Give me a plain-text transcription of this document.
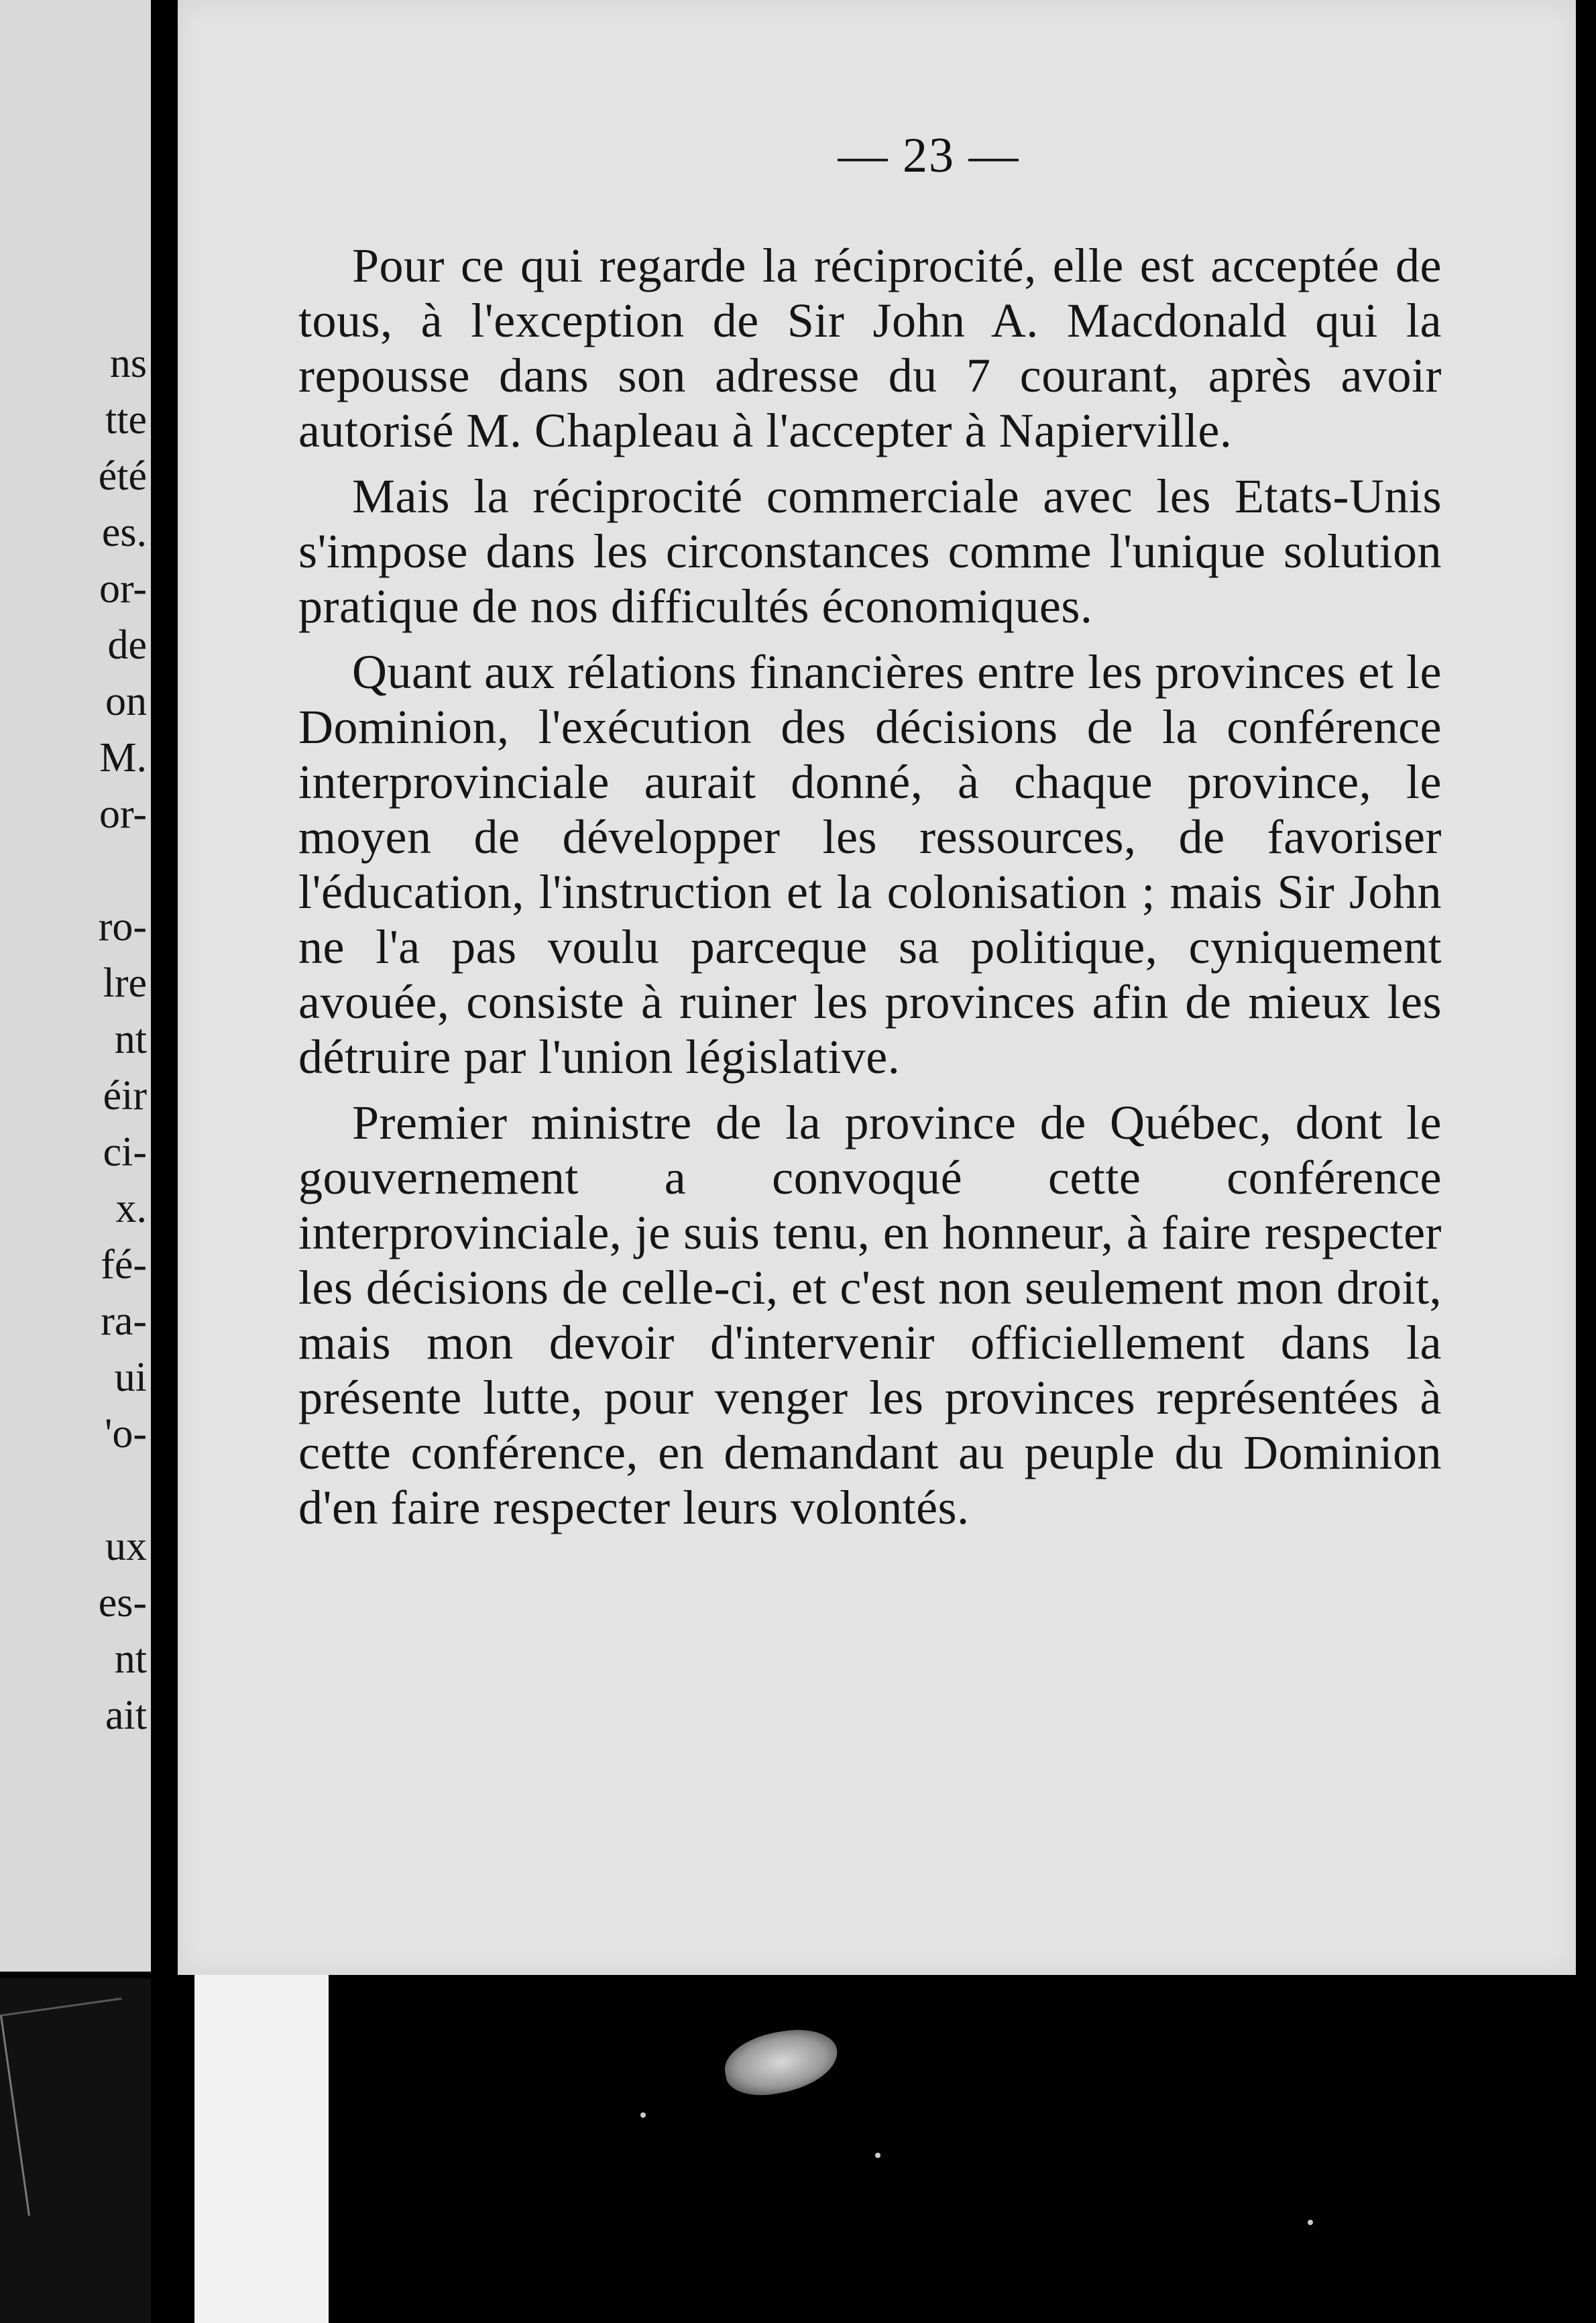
ns
tte
été
es.
or-
de
on
M.
or-
ro-
lre
nt
éir
ci-
x.
fé-
ra-
ui
'o-
ux
es-
nt
ait
— 23 —

Pour ce qui regarde la réciprocité, elle est acceptée de tous, à l'exception de Sir John A. Macdonald qui la repousse dans son adresse du 7 courant, après avoir autorisé M. Chapleau à l'accepter à Napierville.

Mais la réciprocité commerciale avec les Etats-Unis s'impose dans les circonstances comme l'unique solution pratique de nos difficultés économiques.

Quant aux rélations financières entre les provinces et le Dominion, l'exécution des décisions de la conférence interprovinciale aurait donné, à chaque province, le moyen de développer les ressources, de favoriser l'éducation, l'instruction et la colonisation ; mais Sir John ne l'a pas voulu parceque sa politique, cyniquement avouée, consiste à ruiner les provinces afin de mieux les détruire par l'union législative.

Premier ministre de la province de Québec, dont le gouvernement a convoqué cette conférence interprovinciale, je suis tenu, en honneur, à faire respecter les décisions de celle-ci, et c'est non seulement mon droit, mais mon devoir d'intervenir officiellement dans la présente lutte, pour venger les provinces représentées à cette conférence, en demandant au peuple du Dominion d'en faire respecter leurs volontés.
